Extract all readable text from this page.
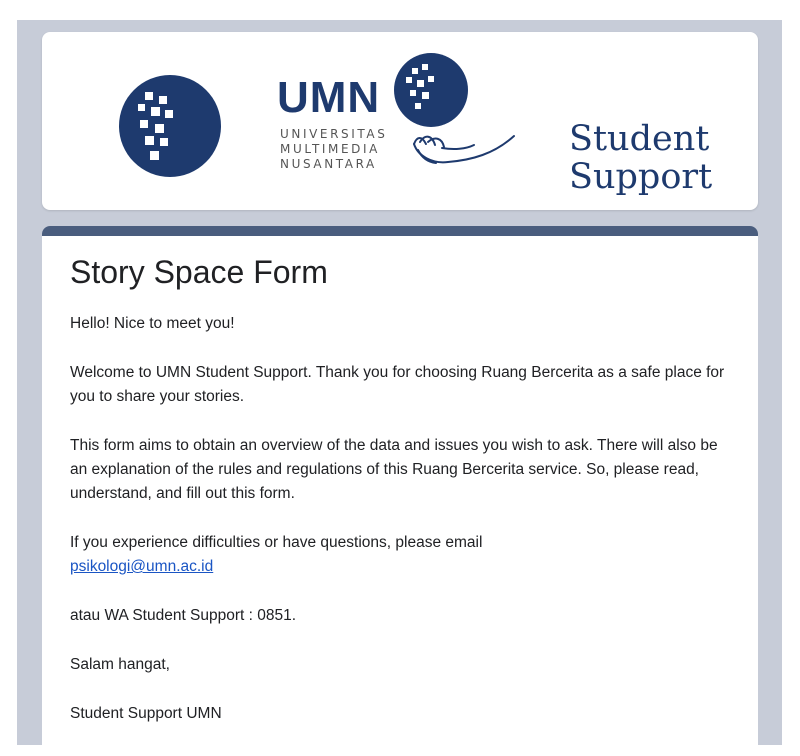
UMN
UNIVERSITAS
MULTIMEDIA
NUSANTARA
Student
Support
Story Space Form

Hello! Nice to meet you!

Welcome to UMN Student Support. Thank you for choosing Ruang Bercerita as a safe place for you to share your stories.

This form aims to obtain an overview of the data and issues you wish to ask. There will also be an explanation of the rules and regulations of this Ruang Bercerita service. So, please read, understand, and fill out this form.

If you experience difficulties or have questions, please email
psikologi@umn.ac.id

atau WA Student Support : 0851.

Salam hangat,

Student Support UMN
